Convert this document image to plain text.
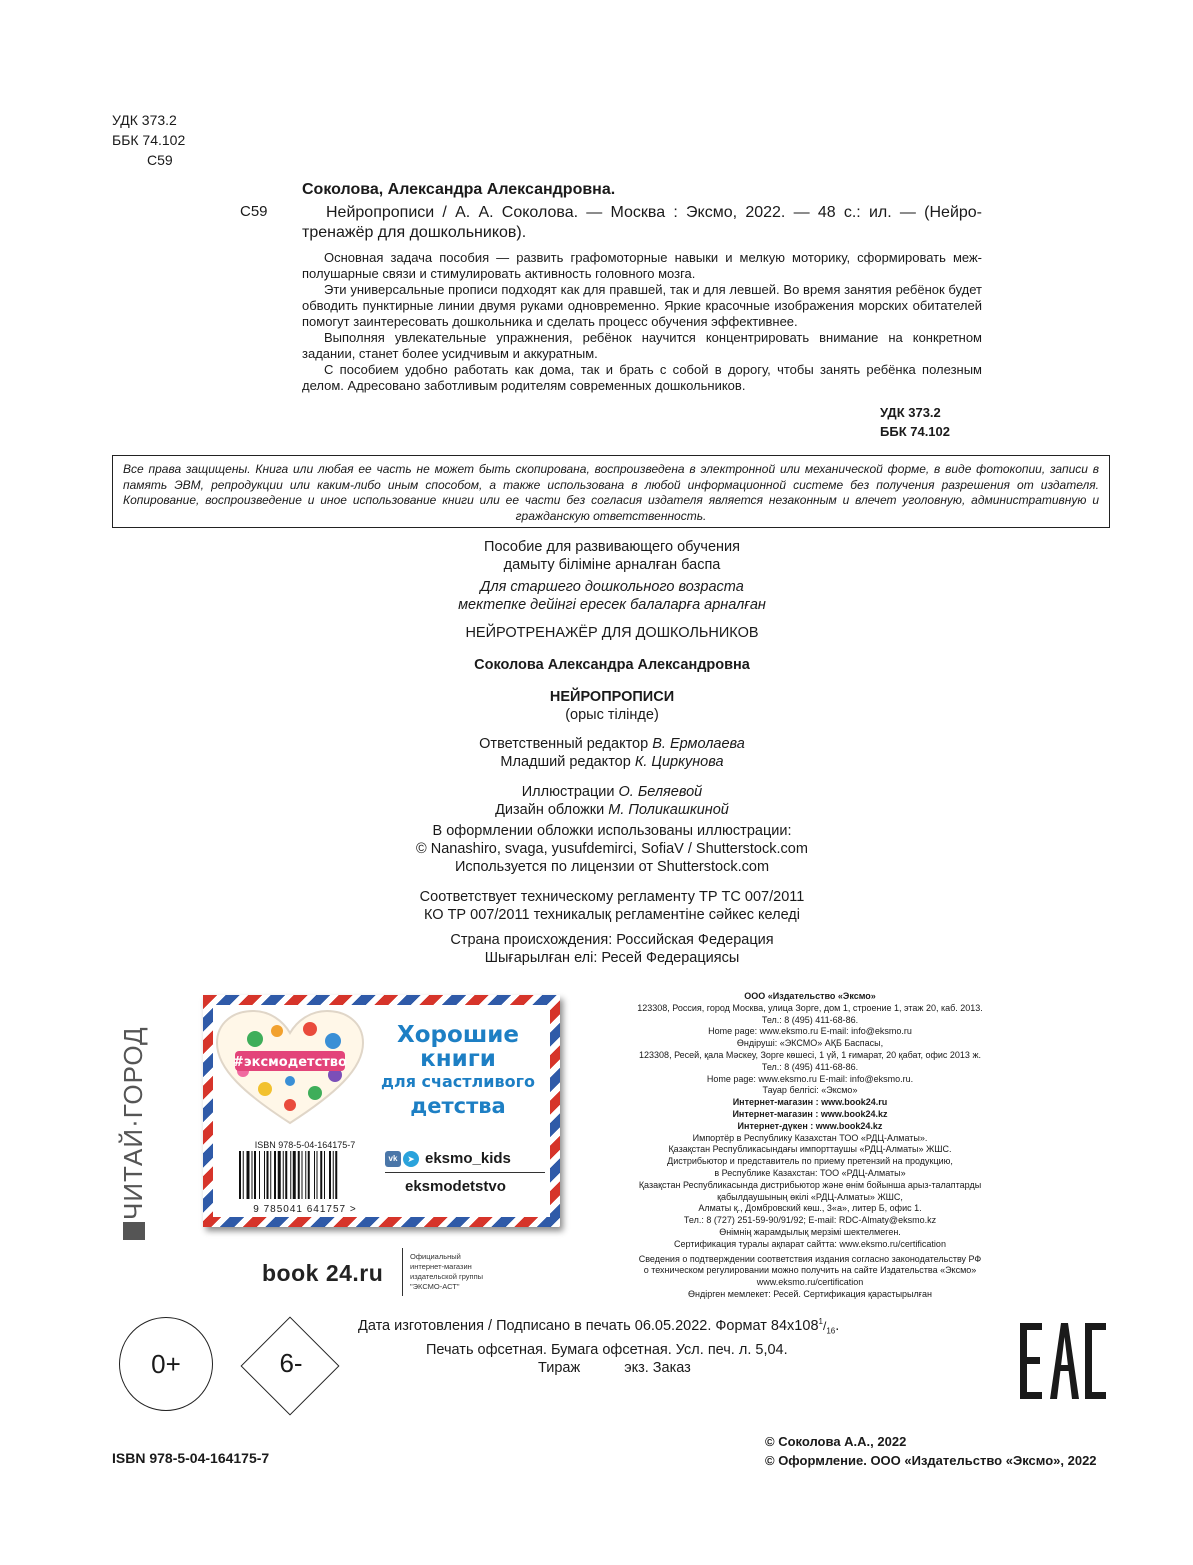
УДК 373.2
ББК 74.102
С59
Соколова, Александра Александровна.
С59	Нейропрописи / А. А. Соколова. — Москва : Эксмо, 2022. — 48 с.: ил. — (Нейро-
тренажёр для дошкольников).
Основная задача пособия — развить графомоторные навыки и мелкую моторику, сформировать меж- полушарные связи и стимулировать активность головного мозга.
Эти универсальные прописи подходят как для правшей, так и для левшей. Во время занятия ребёнок будет обводить пунктирные линии двумя руками одновременно. Яркие красочные изображения морских обитателей помогут заинтересовать дошкольника и сделать процесс обучения эффективнее.
Выполняя увлекательные упражнения, ребёнок научится концентрировать внимание на конкретном задании, станет более усидчивым и аккуратным.
С пособием удобно работать как дома, так и брать с собой в дорогу, чтобы занять ребёнка полезным делом. Адресовано заботливым родителям современных дошкольников.
УДК 373.2
ББК 74.102
Все права защищены. Книга или любая ее часть не может быть скопирована, воспроизведена в электронной или механической форме, в виде фотокопии, записи в память ЭВМ, репродукции или каким-либо иным способом, а также использована в любой информационной системе без получения разрешения от издателя. Копирование, воспроизведение и иное использование книги или ее части без согласия издателя является незаконным и влечет уголовную, административную и гражданскую ответственность.
Пособие для развивающего обучения
дамыту біліміне арналған баспа
Для старшего дошкольного возраста
мектепке дейінгі ересек балаларға арналған
НЕЙРОТРЕНАЖЁР ДЛЯ ДОШКОЛЬНИКОВ
Соколова Александра Александровна
НЕЙРОПРОПИСИ
(орыс тілінде)
Ответственный редактор В. Ермолаева
Младший редактор К. Циркунова
Иллюстрации О. Беляевой
Дизайн обложки М. Поликашкиной
В оформлении обложки использованы иллюстрации:
© Nanashiro, svaga, yusufdemirci, SofiaV / Shutterstock.com
Используется по лицензии от Shutterstock.com
Соответствует техническому регламенту ТР ТС 007/2011
КО ТР 007/2011 техникалық регламентіне сәйкес келеді
Страна происхождения: Российская Федерация
Шығарылған елі: Ресей Федерациясы
ЧИТАЙ·ГОРОД	#эксмодетство
Хорошие
книги
для счастливого
детства
ISBN 978-5-04-164175-7
9 785041 641757 >
vk	➤ eksmo_kids
eksmodetstvo
book 24.ru
Официальный
интернет-магазин
издательской группы
"ЭКСМО-АСТ"
ООО «Издательство «Эксмо»
123308, Россия, город Москва, улица Зорге, дом 1, строение 1, этаж 20, каб. 2013.
Тел.: 8 (495) 411-68-86.
Home page: www.eksmo.ru E-mail: info@eksmo.ru
Өндіруші: «ЭКСМО» АҚБ Баспасы,
123308, Ресей, қала Мәскеу, Зорге көшесі, 1 үй, 1 ғимарат, 20 қабат, офис 2013 ж.
Тел.: 8 (495) 411-68-86.
Home page: www.eksmo.ru E-mail: info@eksmo.ru.
Тауар белгісі: «Эксмо»
Интернет-магазин : www.book24.ru
Интернет-магазин : www.book24.kz
Интернет-дүкен : www.book24.kz
Импортёр в Республику Казахстан ТОО «РДЦ-Алматы».
Қазақстан Республикасындағы импорттаушы «РДЦ-Алматы» ЖШС.
Дистрибьютор и представитель по приему претензий на продукцию,
в Республике Казахстан: ТОО «РДЦ-Алматы»
Қазақстан Республикасында дистрибьютор және өнім бойынша арыз-талаптарды
қабылдаушының өкілі «РДЦ-Алматы» ЖШС,
Алматы қ., Домбровский көш., 3«а», литер Б, офис 1.
Тел.: 8 (727) 251-59-90/91/92; E-mail: RDC-Almaty@eksmo.kz
Өнімнің жарамдылық мерзімі шектелмеген.
Сертификация туралы ақпарат сайтта: www.eksmo.ru/certification
Сведения о подтверждении соответствия издания согласно законодательству РФ
о техническом регулировании можно получить на сайте Издательства «Эксмо»
www.eksmo.ru/certification
Өндірген мемлекет: Ресей. Сертификация қарастырылған
Дата изготовления / Подписано в печать 06.05.2022. Формат $84x108^1/_{16}$.
Печать офсетная. Бумага офсетная. Усл. печ. л. 5,04.
Тираж	экз. Заказ
0+	6-
ISBN 978-5-04-164175-7
© Соколова А.А., 2022
© Оформление. ООО «Издательство «Эксмо», 2022
